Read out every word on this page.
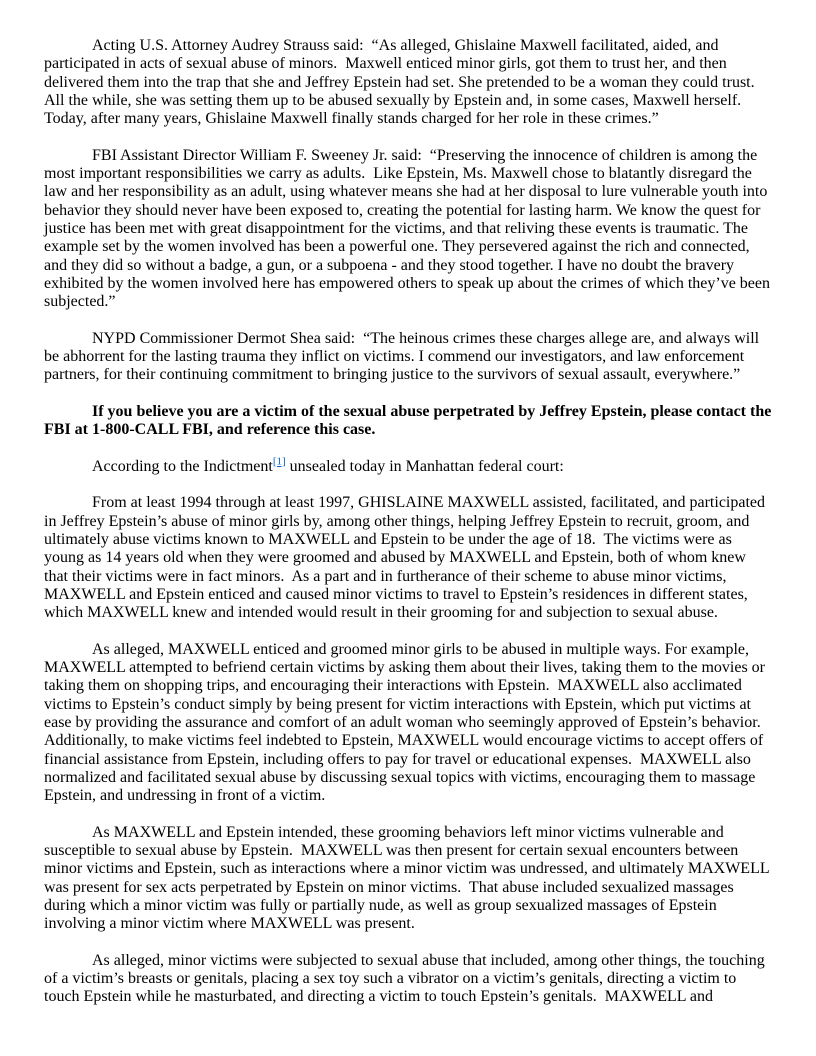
Acting U.S. Attorney Audrey Strauss said:  “As alleged, Ghislaine Maxwell facilitated, aided, and participated in acts of sexual abuse of minors.  Maxwell enticed minor girls, got them to trust her, and then delivered them into the trap that she and Jeffrey Epstein had set. She pretended to be a woman they could trust. All the while, she was setting them up to be abused sexually by Epstein and, in some cases, Maxwell herself. Today, after many years, Ghislaine Maxwell finally stands charged for her role in these crimes.”

FBI Assistant Director William F. Sweeney Jr. said:  “Preserving the innocence of children is among the most important responsibilities we carry as adults.  Like Epstein, Ms. Maxwell chose to blatantly disregard the law and her responsibility as an adult, using whatever means she had at her disposal to lure vulnerable youth into behavior they should never have been exposed to, creating the potential for lasting harm. We know the quest for justice has been met with great disappointment for the victims, and that reliving these events is traumatic. The example set by the women involved has been a powerful one. They persevered against the rich and connected, and they did so without a badge, a gun, or a subpoena - and they stood together. I have no doubt the bravery exhibited by the women involved here has empowered others to speak up about the crimes of which they’ve been subjected.”

NYPD Commissioner Dermot Shea said:  “The heinous crimes these charges allege are, and always will be abhorrent for the lasting trauma they inflict on victims. I commend our investigators, and law enforcement partners, for their continuing commitment to bringing justice to the survivors of sexual assault, everywhere.”

If you believe you are a victim of the sexual abuse perpetrated by Jeffrey Epstein, please contact the FBI at 1-800-CALL FBI, and reference this case.

According to the Indictment[1] unsealed today in Manhattan federal court:

From at least 1994 through at least 1997, GHISLAINE MAXWELL assisted, facilitated, and participated in Jeffrey Epstein’s abuse of minor girls by, among other things, helping Jeffrey Epstein to recruit, groom, and ultimately abuse victims known to MAXWELL and Epstein to be under the age of 18.  The victims were as young as 14 years old when they were groomed and abused by MAXWELL and Epstein, both of whom knew that their victims were in fact minors.  As a part and in furtherance of their scheme to abuse minor victims, MAXWELL and Epstein enticed and caused minor victims to travel to Epstein’s residences in different states, which MAXWELL knew and intended would result in their grooming for and subjection to sexual abuse.

As alleged, MAXWELL enticed and groomed minor girls to be abused in multiple ways. For example, MAXWELL attempted to befriend certain victims by asking them about their lives, taking them to the movies or taking them on shopping trips, and encouraging their interactions with Epstein.  MAXWELL also acclimated victims to Epstein’s conduct simply by being present for victim interactions with Epstein, which put victims at ease by providing the assurance and comfort of an adult woman who seemingly approved of Epstein’s behavior. Additionally, to make victims feel indebted to Epstein, MAXWELL would encourage victims to accept offers of financial assistance from Epstein, including offers to pay for travel or educational expenses.  MAXWELL also normalized and facilitated sexual abuse by discussing sexual topics with victims, encouraging them to massage Epstein, and undressing in front of a victim.

As MAXWELL and Epstein intended, these grooming behaviors left minor victims vulnerable and susceptible to sexual abuse by Epstein.  MAXWELL was then present for certain sexual encounters between minor victims and Epstein, such as interactions where a minor victim was undressed, and ultimately MAXWELL was present for sex acts perpetrated by Epstein on minor victims.  That abuse included sexualized massages during which a minor victim was fully or partially nude, as well as group sexualized massages of Epstein involving a minor victim where MAXWELL was present.

As alleged, minor victims were subjected to sexual abuse that included, among other things, the touching of a victim’s breasts or genitals, placing a sex toy such a vibrator on a victim’s genitals, directing a victim to touch Epstein while he masturbated, and directing a victim to touch Epstein’s genitals.  MAXWELL and
